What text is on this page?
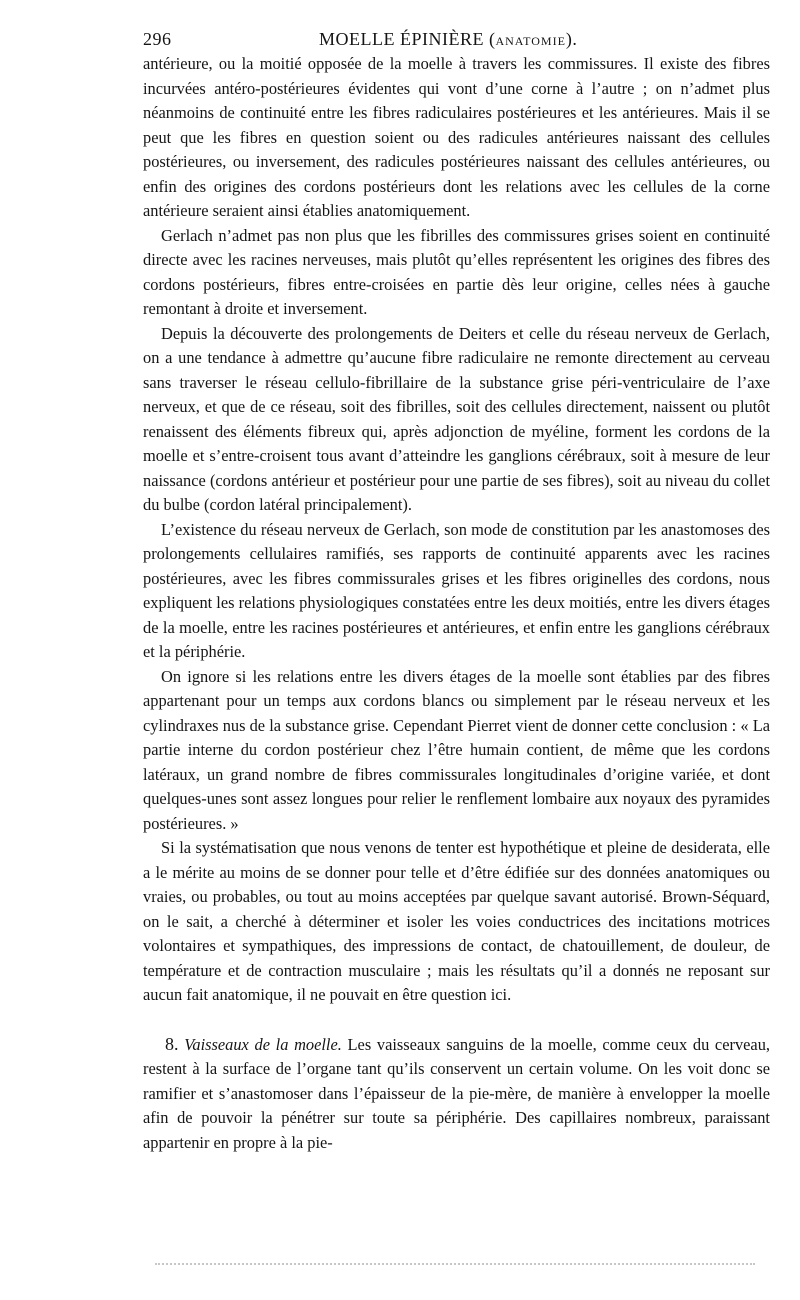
296	MOELLE ÉPINIÈRE (ANATOMIE).

antérieure, ou la moitié opposée de la moelle à travers les commissures. Il existe des fibres incurvées antéro-postérieures évidentes qui vont d’une corne à l’autre ; on n’admet plus néanmoins de continuité entre les fibres radiculaires postérieures et les antérieures. Mais il se peut que les fibres en question soient ou des radicules antérieures naissant des cellules postérieures, ou inversement, des radicules postérieures naissant des cellules antérieures, ou enfin des origines des cordons postérieurs dont les relations avec les cellules de la corne antérieure seraient ainsi établies anatomiquement.

Gerlach n’admet pas non plus que les fibrilles des commissures grises soient en continuité directe avec les racines nerveuses, mais plutôt qu’elles représentent les origines des fibres des cordons postérieurs, fibres entre-croisées en partie dès leur origine, celles nées à gauche remontant à droite et inversement.

Depuis la découverte des prolongements de Deiters et celle du réseau nerveux de Gerlach, on a une tendance à admettre qu’aucune fibre radiculaire ne remonte directement au cerveau sans traverser le réseau cellulo-fibrillaire de la substance grise péri-ventriculaire de l’axe nerveux, et que de ce réseau, soit des fibrilles, soit des cellules directement, naissent ou plutôt renaissent des éléments fibreux qui, après adjonction de myéline, forment les cordons de la moelle et s’entre-croisent tous avant d’atteindre les ganglions cérébraux, soit à mesure de leur naissance (cordons antérieur et postérieur pour une partie de ses fibres), soit au niveau du collet du bulbe (cordon latéral principalement).

L’existence du réseau nerveux de Gerlach, son mode de constitution par les anastomoses des prolongements cellulaires ramifiés, ses rapports de continuité apparents avec les racines postérieures, avec les fibres commissurales grises et les fibres originelles des cordons, nous expliquent les relations physiologiques constatées entre les deux moitiés, entre les divers étages de la moelle, entre les racines postérieures et antérieures, et enfin entre les ganglions cérébraux et la périphérie.

On ignore si les relations entre les divers étages de la moelle sont établies par des fibres appartenant pour un temps aux cordons blancs ou simplement par le réseau nerveux et les cylindraxes nus de la substance grise. Cependant Pierret vient de donner cette conclusion : « La partie interne du cordon postérieur chez l’être humain contient, de même que les cordons latéraux, un grand nombre de fibres commissurales longitudinales d’origine variée, et dont quelques-unes sont assez longues pour relier le renflement lombaire aux noyaux des pyramides postérieures. »

Si la systématisation que nous venons de tenter est hypothétique et pleine de desiderata, elle a le mérite au moins de se donner pour telle et d’être édifiée sur des données anatomiques ou vraies, ou probables, ou tout au moins acceptées par quelque savant autorisé. Brown-Séquard, on le sait, a cherché à déterminer et isoler les voies conductrices des incitations motrices volontaires et sympathiques, des impressions de contact, de chatouillement, de douleur, de température et de contraction musculaire ; mais les résultats qu’il a donnés ne reposant sur aucun fait anatomique, il ne pouvait en être question ici.

8. Vaisseaux de la moelle. Les vaisseaux sanguins de la moelle, comme ceux du cerveau, restent à la surface de l’organe tant qu’ils conservent un certain volume. On les voit donc se ramifier et s’anastomoser dans l’épaisseur de la pie-mère, de manière à envelopper la moelle afin de pouvoir la pénétrer sur toute sa périphérie. Des capillaires nombreux, paraissant appartenir en propre à la pie-
